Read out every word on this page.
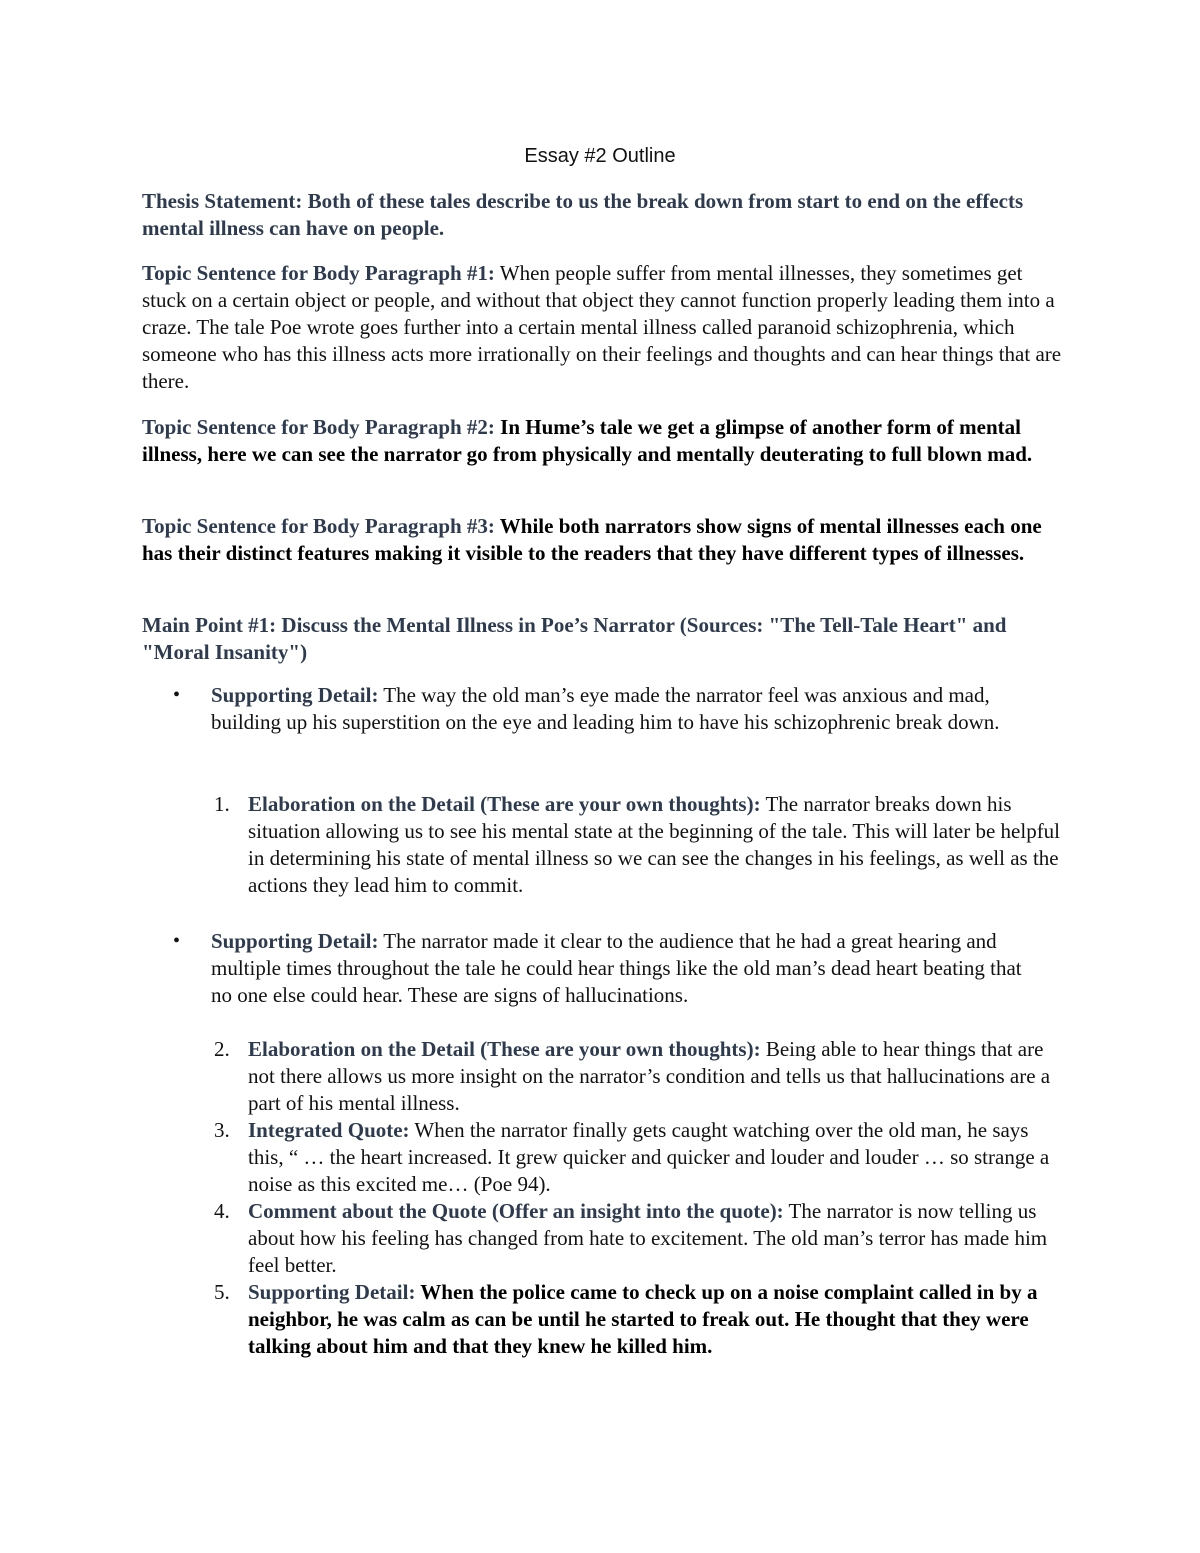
Essay #2 Outline
Thesis Statement: Both of these tales describe to us the break down from start to end on the effects mental illness can have on people.
Topic Sentence for Body Paragraph #1: When people suffer from mental illnesses, they sometimes get stuck on a certain object or people, and without that object they cannot function properly leading them into a craze. The tale Poe wrote goes further into a certain mental illness called paranoid schizophrenia, which someone who has this illness acts more irrationally on their feelings and thoughts and can hear things that are there.
Topic Sentence for Body Paragraph #2: In Hume’s tale we get a glimpse of another form of mental illness, here we can see the narrator go from physically and mentally deuterating to full blown mad.
Topic Sentence for Body Paragraph #3: While both narrators show signs of mental illnesses each one has their distinct features making it visible to the readers that they have different types of illnesses.
Main Point #1: Discuss the Mental Illness in Poe’s Narrator (Sources: "The Tell-Tale Heart" and "Moral Insanity")
• Supporting Detail: The way the old man’s eye made the narrator feel was anxious and mad, building up his superstition on the eye and leading him to have his schizophrenic break down.
1. Elaboration on the Detail (These are your own thoughts): The narrator breaks down his situation allowing us to see his mental state at the beginning of the tale. This will later be helpful in determining his state of mental illness so we can see the changes in his feelings, as well as the actions they lead him to commit.
• Supporting Detail: The narrator made it clear to the audience that he had a great hearing and multiple times throughout the tale he could hear things like the old man’s dead heart beating that no one else could hear. These are signs of hallucinations.
2. Elaboration on the Detail (These are your own thoughts): Being able to hear things that are not there allows us more insight on the narrator’s condition and tells us that hallucinations are a part of his mental illness.
3. Integrated Quote: When the narrator finally gets caught watching over the old man, he says this, “ … the heart increased. It grew quicker and quicker and louder and louder … so strange a noise as this excited me… (Poe 94).
4. Comment about the Quote (Offer an insight into the quote): The narrator is now telling us about how his feeling has changed from hate to excitement. The old man’s terror has made him feel better.
5. Supporting Detail: When the police came to check up on a noise complaint called in by a neighbor, he was calm as can be until he started to freak out. He thought that they were talking about him and that they knew he killed him.
